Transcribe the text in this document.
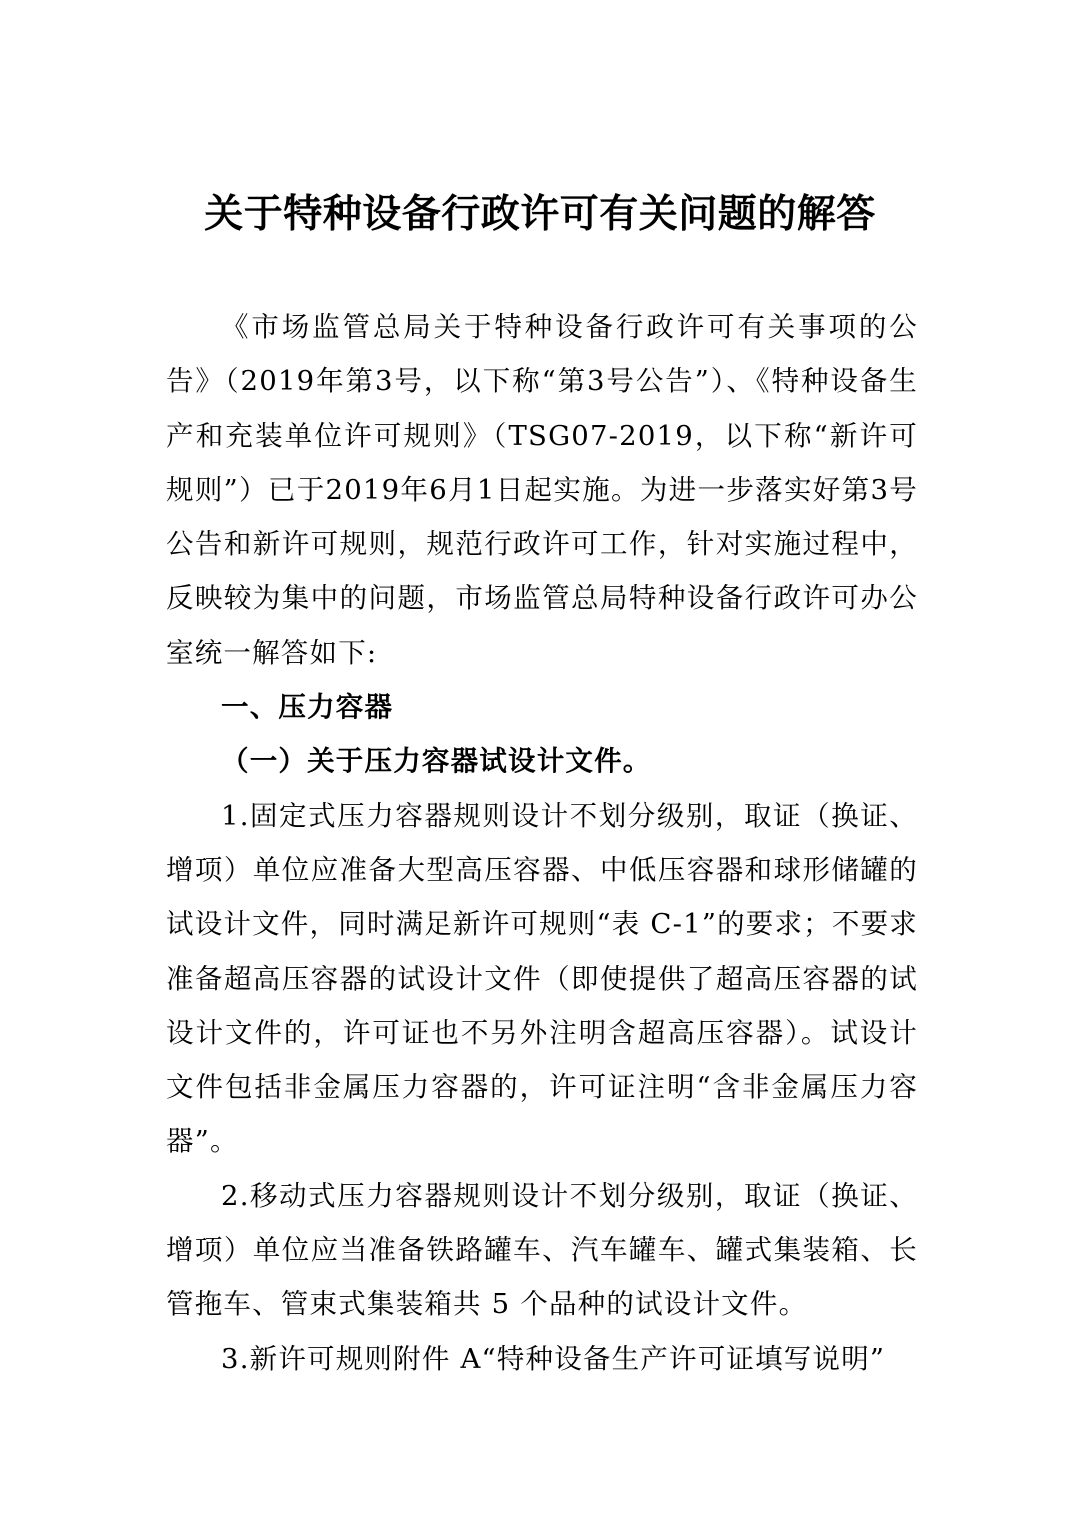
关于特种设备行政许可有关问题的解答

《市场监管总局关于特种设备行政许可有关事项的公告》（2019年第3号，以下称“第3号公告”）、《特种设备生产和充装单位许可规则》（TSG07-2019，以下称“新许可规则”）已于2019年6月1日起实施。为进一步落实好第3号公告和新许可规则，规范行政许可工作，针对实施过程中，反映较为集中的问题，市场监管总局特种设备行政许可办公室统一解答如下:

一、压力容器

（一）关于压力容器试设计文件。

1.固定式压力容器规则设计不划分级别，取证（换证、增项）单位应准备大型高压容器、中低压容器和球形储罐的试设计文件，同时满足新许可规则“表 C-1”的要求；不要求准备超高压容器的试设计文件（即使提供了超高压容器的试设计文件的，许可证也不另外注明含超高压容器）。试设计文件包括非金属压力容器的，许可证注明“含非金属压力容器”。

2.移动式压力容器规则设计不划分级别，取证（换证、增项）单位应当准备铁路罐车、汽车罐车、罐式集装箱、长管拖车、管束式集装箱共 5 个品种的试设计文件。

3.新许可规则附件 A“特种设备生产许可证填写说明”
